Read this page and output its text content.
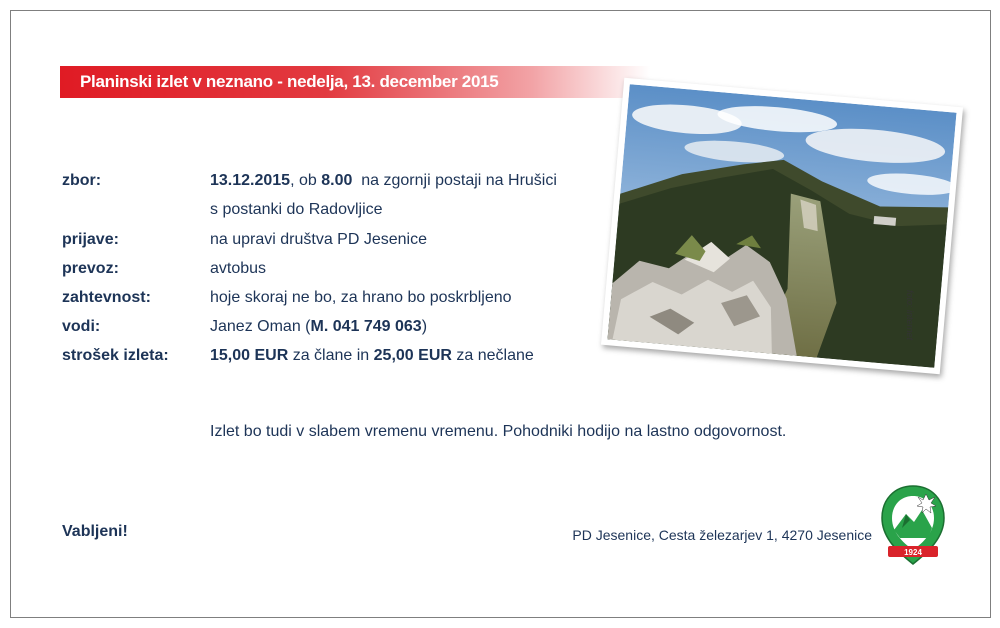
Planinski izlet v neznano - nedelja, 13. december 2015
zbor:	13.12.2015, ob 8.00  na zgornji postaji na Hrušici
s postanki do Radovljice
prijave:	na upravi društva PD Jesenice
prevoz:	avtobus
zahtevnost:	hoje skoraj ne bo, za hrano bo poskrbljeno
vodi:	Janez Oman (M. 041 749 063)
strošek izleta:	15,00 EUR za člane in 25,00 EUR za nečlane
Izlet bo tudi v slabem vremenu vremenu. Pohodniki hodijo na lastno odgovornost.
Vabljeni!	PD Jesenice, Cesta železarjev 1, 4270 Jesenice
foto: internet
1924
